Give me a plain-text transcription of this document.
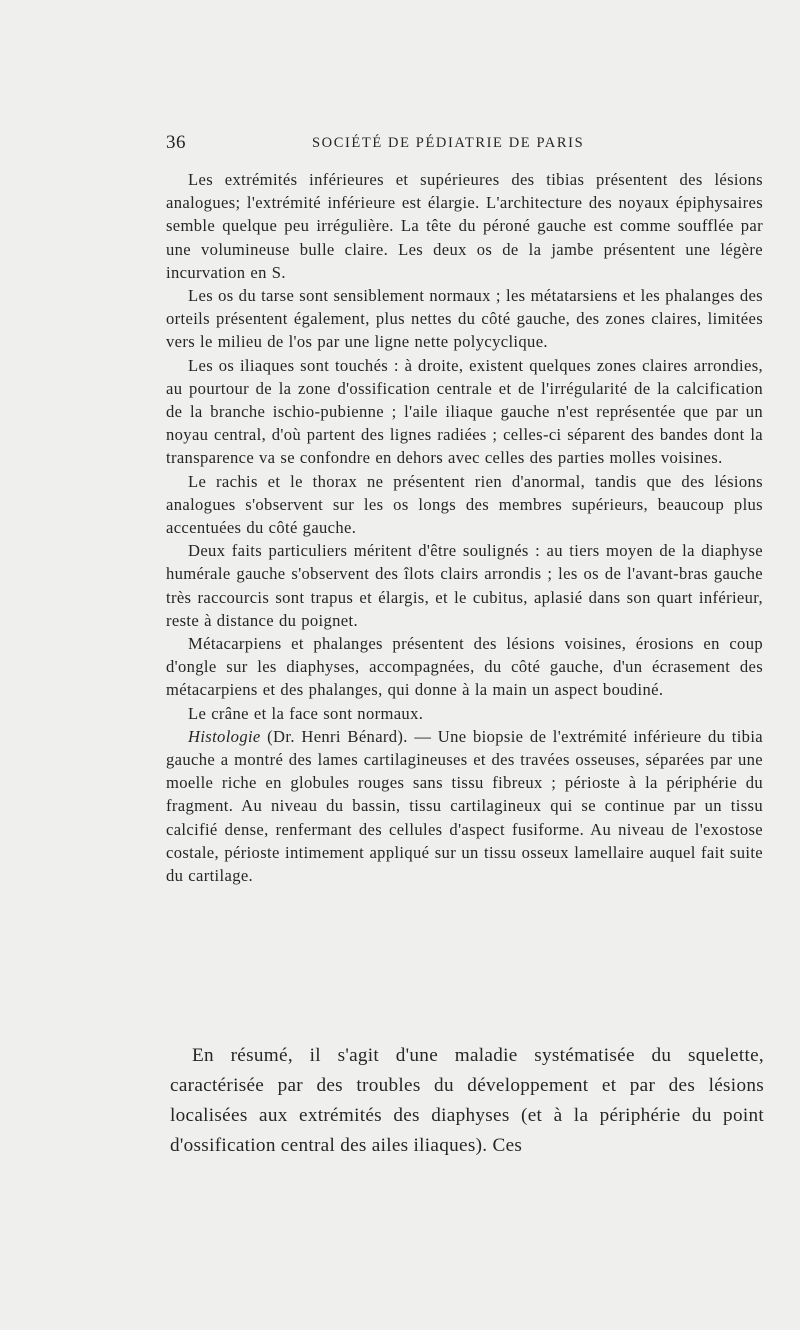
36	SOCIÉTÉ DE PÉDIATRIE DE PARIS

Les extrémités inférieures et supérieures des tibias présentent des lésions analogues; l'extrémité inférieure est élargie. L'architecture des noyaux épiphysaires semble quelque peu irrégulière. La tête du péroné gauche est comme soufflée par une volumineuse bulle claire. Les deux os de la jambe présentent une légère incurvation en S.

Les os du tarse sont sensiblement normaux ; les métatarsiens et les phalanges des orteils présentent également, plus nettes du côté gauche, des zones claires, limitées vers le milieu de l'os par une ligne nette polycyclique.

Les os iliaques sont touchés : à droite, existent quelques zones claires arrondies, au pourtour de la zone d'ossification centrale et de l'irrégularité de la calcification de la branche ischio-pubienne ; l'aile iliaque gauche n'est représentée que par un noyau central, d'où partent des lignes radiées ; celles-ci séparent des bandes dont la transparence va se confondre en dehors avec celles des parties molles voisines.

Le rachis et le thorax ne présentent rien d'anormal, tandis que des lésions analogues s'observent sur les os longs des membres supérieurs, beaucoup plus accentuées du côté gauche.

Deux faits particuliers méritent d'être soulignés : au tiers moyen de la diaphyse humérale gauche s'observent des îlots clairs arrondis ; les os de l'avant-bras gauche très raccourcis sont trapus et élargis, et le cubitus, aplasié dans son quart inférieur, reste à distance du poignet.

Métacarpiens et phalanges présentent des lésions voisines, érosions en coup d'ongle sur les diaphyses, accompagnées, du côté gauche, d'un écrasement des métacarpiens et des phalanges, qui donne à la main un aspect boudiné.

Le crâne et la face sont normaux.

Histologie (Dr. Henri Bénard). — Une biopsie de l'extrémité inférieure du tibia gauche a montré des lames cartilagineuses et des travées osseuses, séparées par une moelle riche en globules rouges sans tissu fibreux ; périoste à la périphérie du fragment. Au niveau du bassin, tissu cartilagineux qui se continue par un tissu calcifié dense, renfermant des cellules d'aspect fusiforme. Au niveau de l'exostose costale, périoste intimement appliqué sur un tissu osseux lamellaire auquel fait suite du cartilage.

En résumé, il s'agit d'une maladie systématisée du squelette, caractérisée par des troubles du développement et par des lésions localisées aux extrémités des diaphyses (et à la périphérie du point d'ossification central des ailes iliaques). Ces
